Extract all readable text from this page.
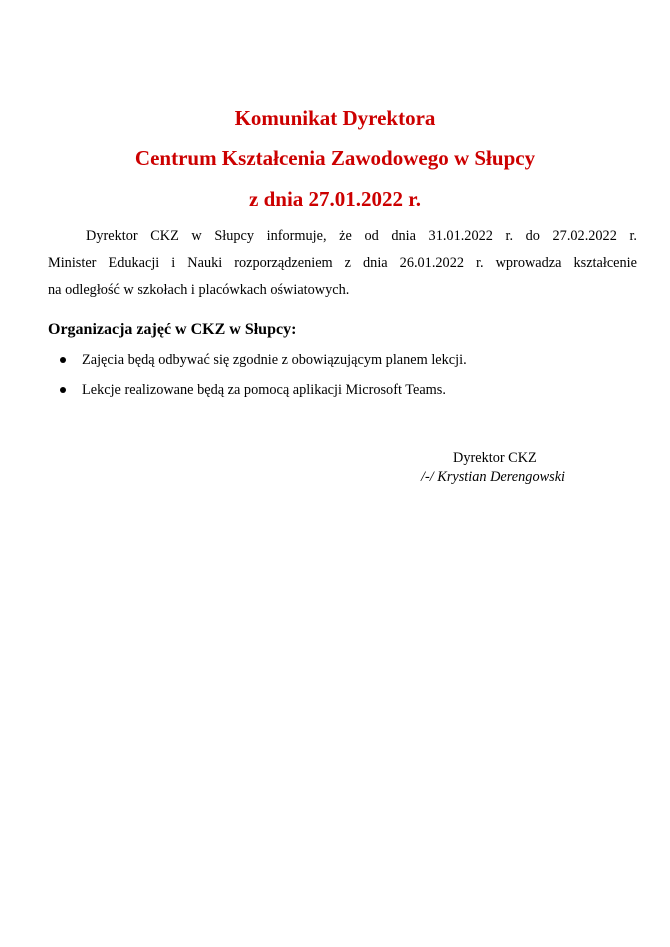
Komunikat Dyrektora
Centrum Kształcenia Zawodowego w Słupcy
z dnia 27.01.2022 r.
Dyrektor CKZ w Słupcy informuje, że od dnia 31.01.2022 r. do 27.02.2022 r.
Minister Edukacji i Nauki rozporządzeniem z dnia 26.01.2022 r. wprowadza kształcenie
na odległość w szkołach i placówkach oświatowych.
Organizacja zajęć w CKZ w Słupcy:
Zajęcia będą odbywać się zgodnie z obowiązującym planem lekcji.
Lekcje realizowane będą za pomocą aplikacji Microsoft Teams.
Dyrektor CKZ
/-/ Krystian Derengowski
